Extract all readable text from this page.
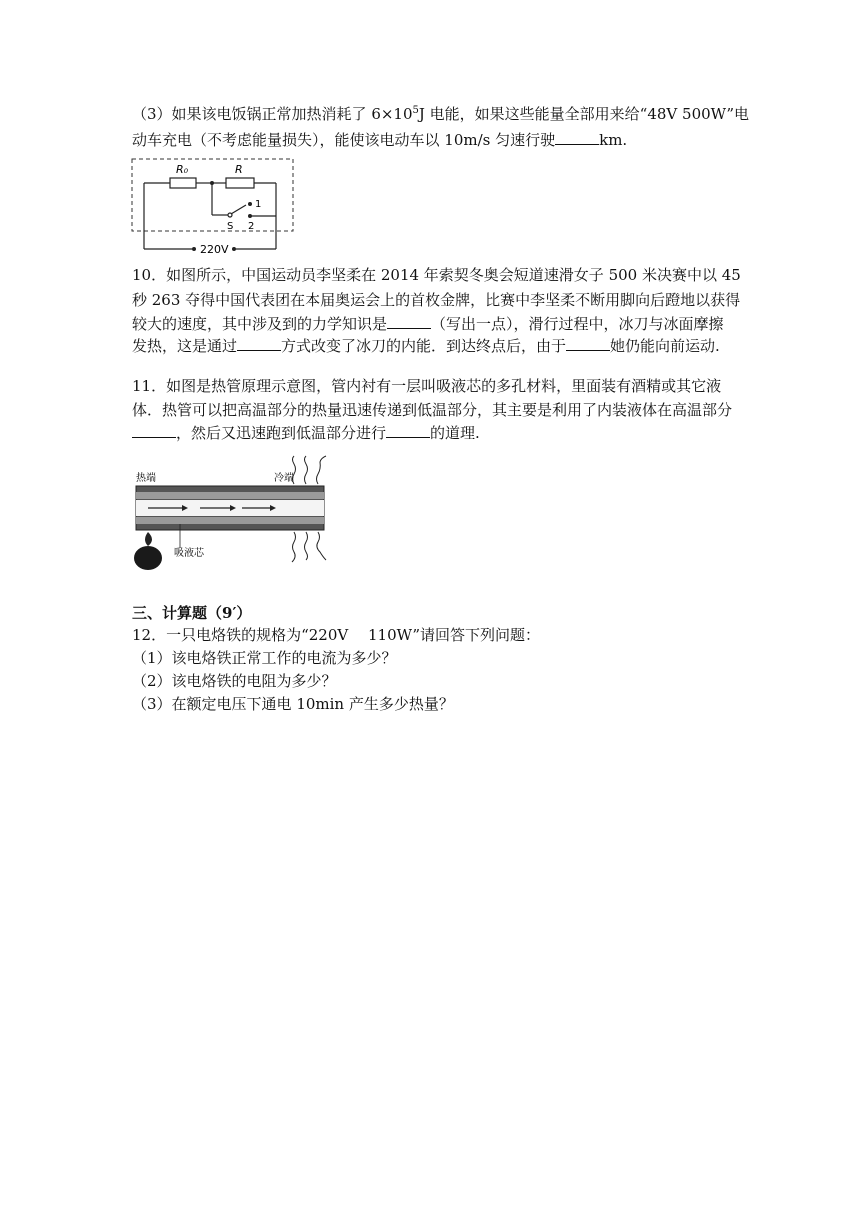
（3）如果该电饭锅正常加热消耗了 $6\times 10^5J$ 电能，如果这些能量全部用来给“48V 500W”电
动车充电（不考虑能量损失），能使该电动车以 10m/s 匀速行驶	km.
R₀	R
1
S 2
220V
10．如图所示，中国运动员李坚柔在 2014 年索契冬奥会短道速滑女子 500 米决赛中以 45
秒 263 夺得中国代表团在本届奥运会上的首枚金牌，比赛中李坚柔不断用脚向后蹬地以获得
较大的速度，其中涉及到的力学知识是	（写出一点），滑行过程中，冰刀与冰面摩擦
发热，这是通过	方式改变了冰刀的内能．到达终点后，由于	她仍能向前运动.
11．如图是热管原理示意图，管内衬有一层叫吸液芯的多孔材料，里面装有酒精或其它液
体．热管可以把高温部分的热量迅速传递到低温部分，其主要是利用了内装液体在高温部分
，然后又迅速跑到低温部分进行	的道理.
热端	冷端
吸液芯
三、计算题（9′）
12．一只电烙铁的规格为“220V　 110W”请回答下列问题：
（1）该电烙铁正常工作的电流为多少？
（2）该电烙铁的电阻为多少？
（3）在额定电压下通电 10min 产生多少热量？
